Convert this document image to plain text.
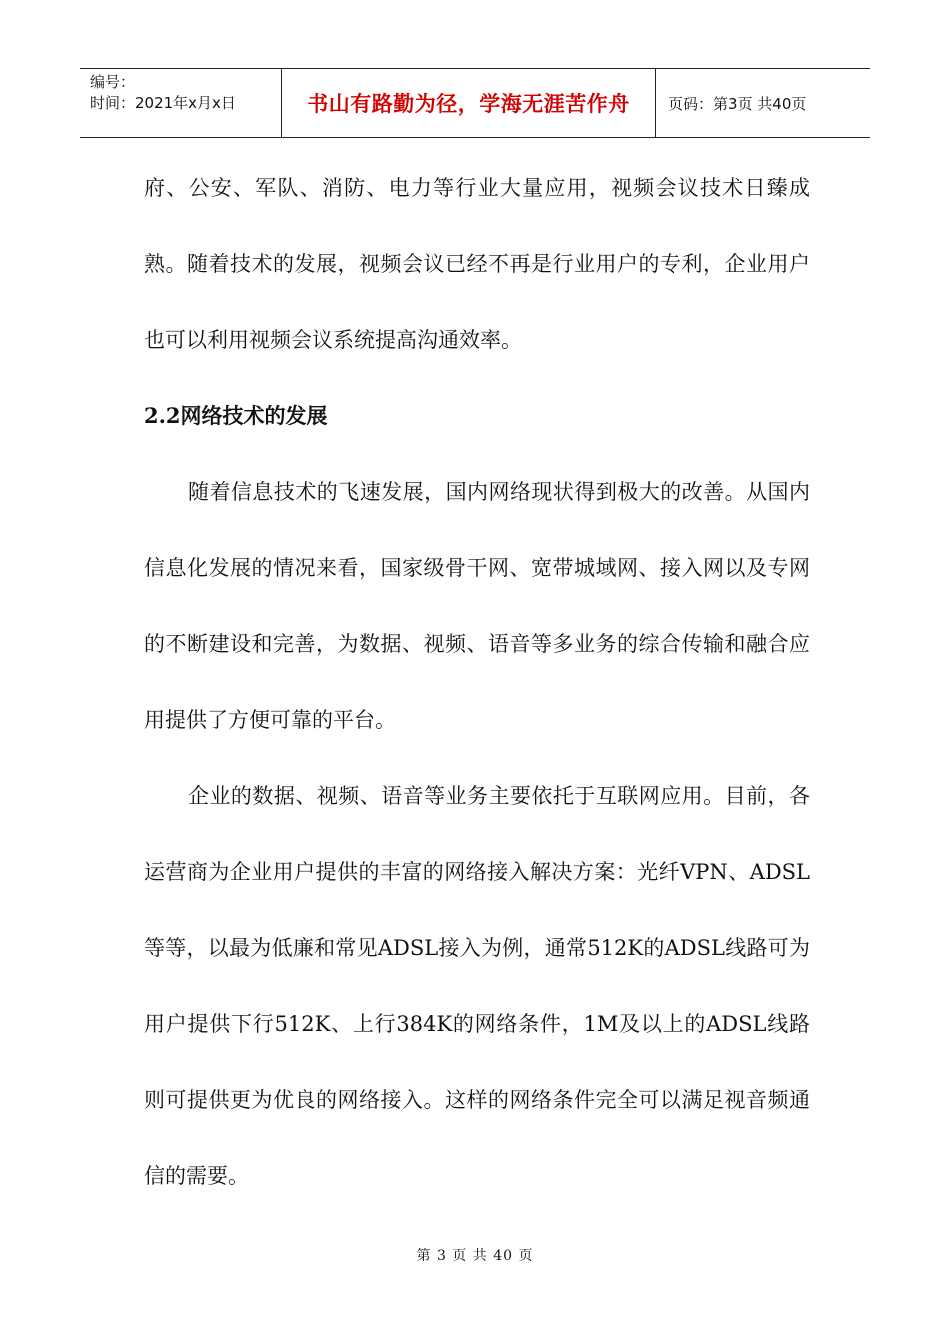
编号：
时间：2021年x月x日	书山有路勤为径，学海无涯苦作舟	页码：第3页 共40页

府、公安、军队、消防、电力等行业大量应用，视频会议技术日臻成熟。随着技术的发展，视频会议已经不再是行业用户的专利，企业用户也可以利用视频会议系统提高沟通效率。

2.2网络技术的发展

随着信息技术的飞速发展，国内网络现状得到极大的改善。从国内信息化发展的情况来看，国家级骨干网、宽带城域网、接入网以及专网的不断建设和完善，为数据、视频、语音等多业务的综合传输和融合应用提供了方便可靠的平台。

企业的数据、视频、语音等业务主要依托于互联网应用。目前，各运营商为企业用户提供的丰富的网络接入解决方案：光纤VPN、ADSL等等，以最为低廉和常见ADSL接入为例，通常512K的ADSL线路可为用户提供下行512K、上行384K的网络条件，1M及以上的ADSL线路则可提供更为优良的网络接入。这样的网络条件完全可以满足视音频通信的需要。

第 3 页 共 40 页
